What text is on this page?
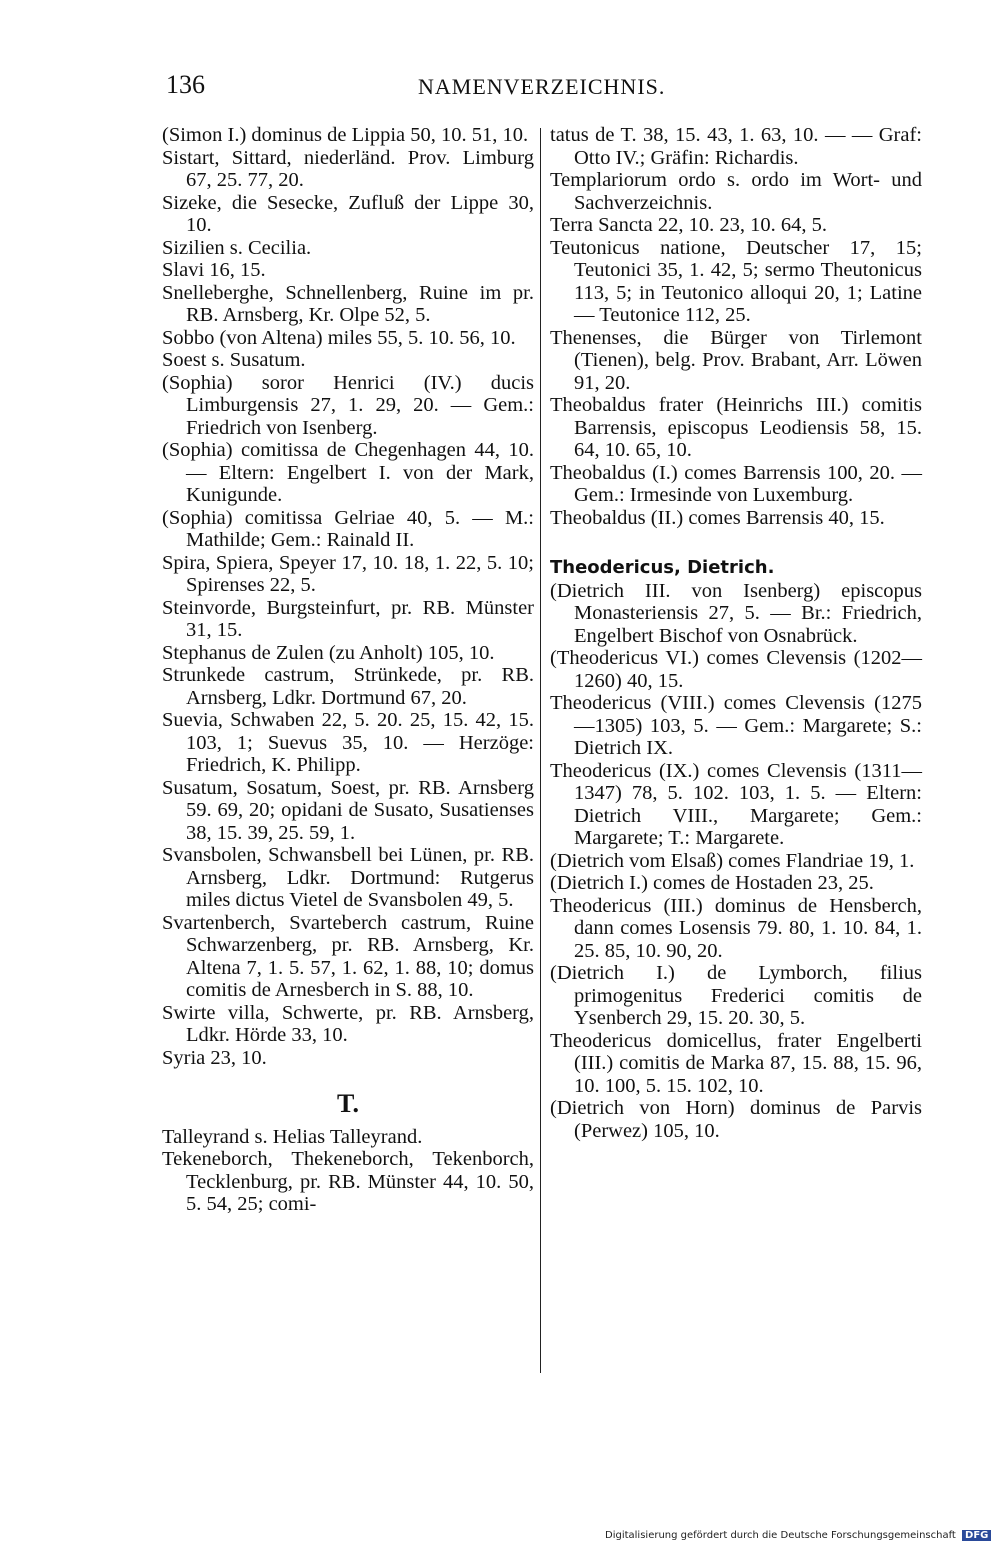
136	NAMENVERZEICHNIS.

(Simon I.) dominus de Lippia 50, 10. 51, 10.

Sistart, Sittard, niederländ. Prov. Limburg 67, 25. 77, 20.

Sizeke, die Sesecke, Zufluß der Lippe 30, 10.

Sizilien s. Cecilia.

Slavi 16, 15.

Snelleberghe, Schnellenberg, Ruine im pr. RB. Arnsberg, Kr. Olpe 52, 5.

Sobbo (von Altena) miles 55, 5. 10. 56, 10.

Soest s. Susatum.

(Sophia) soror Henrici (IV.) ducis Limburgensis 27, 1. 29, 20. — Gem.: Friedrich von Isenberg.

(Sophia) comitissa de Chegenhagen 44, 10. — Eltern: Engelbert I. von der Mark, Kunigunde.

(Sophia) comitissa Gelriae 40, 5. — M.: Mathilde; Gem.: Rainald II.

Spira, Spiera, Speyer 17, 10. 18, 1. 22, 5. 10; Spirenses 22, 5.

Steinvorde, Burgsteinfurt, pr. RB. Münster 31, 15.

Stephanus de Zulen (zu Anholt) 105, 10.

Strunkede castrum, Strünkede, pr. RB. Arnsberg, Ldkr. Dortmund 67, 20.

Suevia, Schwaben 22, 5. 20. 25, 15. 42, 15. 103, 1; Suevus 35, 10. — Herzöge: Friedrich, K. Philipp.

Susatum, Sosatum, Soest, pr. RB. Arnsberg 59. 69, 20; opidani de Susato, Susatienses 38, 15. 39, 25. 59, 1.

Svansbolen, Schwansbell bei Lünen, pr. RB. Arnsberg, Ldkr. Dortmund: Rutgerus miles dictus Vietel de Svansbolen 49, 5.

Svartenberch, Svarteberch castrum, Ruine Schwarzenberg, pr. RB. Arnsberg, Kr. Altena 7, 1. 5. 57, 1. 62, 1. 88, 10; domus comitis de Arnesberch in S. 88, 10.

Swirte villa, Schwerte, pr. RB. Arnsberg, Ldkr. Hörde 33, 10.

Syria 23, 10.

T.

Talleyrand s. Helias Talleyrand.

Tekeneborch, Thekeneborch, Tekenborch, Tecklenburg, pr. RB. Münster 44, 10. 50, 5. 54, 25; comi-

tatus de T. 38, 15. 43, 1. 63, 10. — — Graf: Otto IV.; Gräfin: Richardis.

Templariorum ordo s. ordo im Wort- und Sachverzeichnis.

Terra Sancta 22, 10. 23, 10. 64, 5.

Teutonicus natione, Deutscher 17, 15; Teutonici 35, 1. 42, 5; sermo Theutonicus 113, 5; in Teutonico alloqui 20, 1; Latine — Teutonice 112, 25.

Thenenses, die Bürger von Tirlemont (Tienen), belg. Prov. Brabant, Arr. Löwen 91, 20.

Theobaldus frater (Heinrichs III.) comitis Barrensis, episcopus Leodiensis 58, 15. 64, 10. 65, 10.

Theobaldus (I.) comes Barrensis 100, 20. — Gem.: Irmesinde von Luxemburg.

Theobaldus (II.) comes Barrensis 40, 15.

Theodericus, Dietrich.

(Dietrich III. von Isenberg) episcopus Monasteriensis 27, 5. — Br.: Friedrich, Engelbert Bischof von Osnabrück.

(Theodericus VI.) comes Clevensis (1202—1260) 40, 15.

Theodericus (VIII.) comes Clevensis (1275—1305) 103, 5. — Gem.: Margarete; S.: Dietrich IX.

Theodericus (IX.) comes Clevensis (1311—1347) 78, 5. 102. 103, 1. 5. — Eltern: Dietrich VIII., Margarete; Gem.: Margarete; T.: Margarete.

(Dietrich vom Elsaß) comes Flandriae 19, 1.

(Dietrich I.) comes de Hostaden 23, 25.

Theodericus (III.) dominus de Hensberch, dann comes Losensis 79. 80, 1. 10. 84, 1. 25. 85, 10. 90, 20.

(Dietrich I.) de Lymborch, filius primogenitus Frederici comitis de Ysenberch 29, 15. 20. 30, 5.

Theodericus domicellus, frater Engelberti (III.) comitis de Marka 87, 15. 88, 15. 96, 10. 100, 5. 15. 102, 10.

(Dietrich von Horn) dominus de Parvis (Perwez) 105, 10.

Digitalisierung gefördert durch die Deutsche Forschungsgemeinschaft DFG
